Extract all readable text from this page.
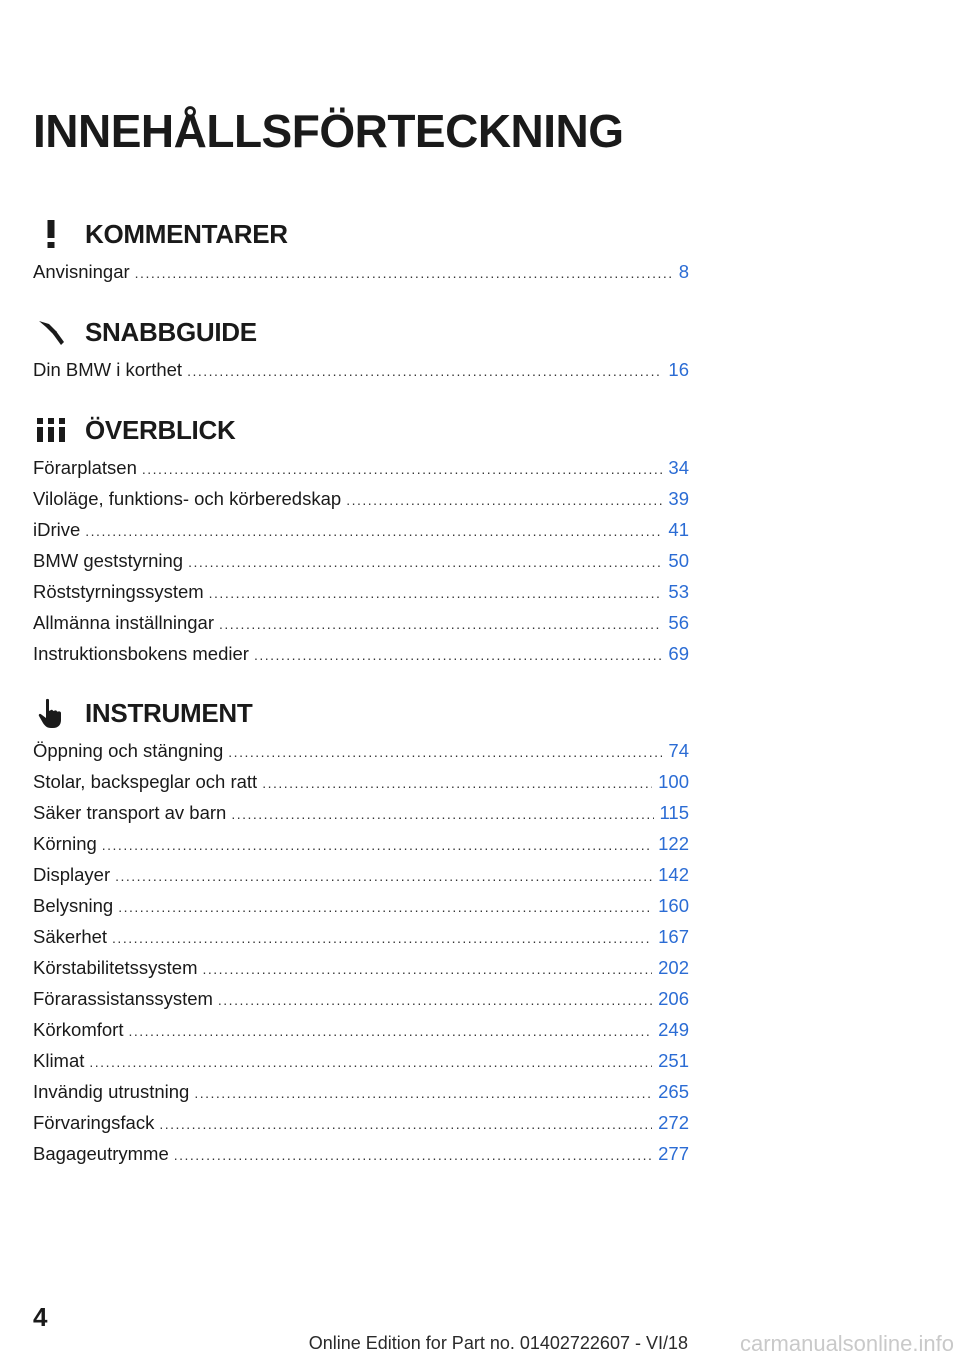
INNEHÅLLSFÖRTECKNING
KOMMENTARER
Anvisningar .....	8
SNABBGUIDE
Din BMW i korthet .....	16
ÖVERBLICK
Förarplatsen .....	34
Viloläge, funktions- och körberedskap .....	39
iDrive .....	41
BMW geststyrning .....	50
Röststyrningssystem .....	53
Allmänna inställningar .....	56
Instruktionsbokens medier .....	69
INSTRUMENT
Öppning och stängning .....	74
Stolar, backspeglar och ratt .....	100
Säker transport av barn .....	115
Körning .....	122
Displayer .....	142
Belysning .....	160
Säkerhet .....	167
Körstabilitetssystem .....	202
Förarassistanssystem .....	206
Körkomfort .....	249
Klimat .....	251
Invändig utrustning .....	265
Förvaringsfack .....	272
Bagageutrymme .....	277
4
Online Edition for Part no. 01402722607 - VI/18 carmanualsonline.info
